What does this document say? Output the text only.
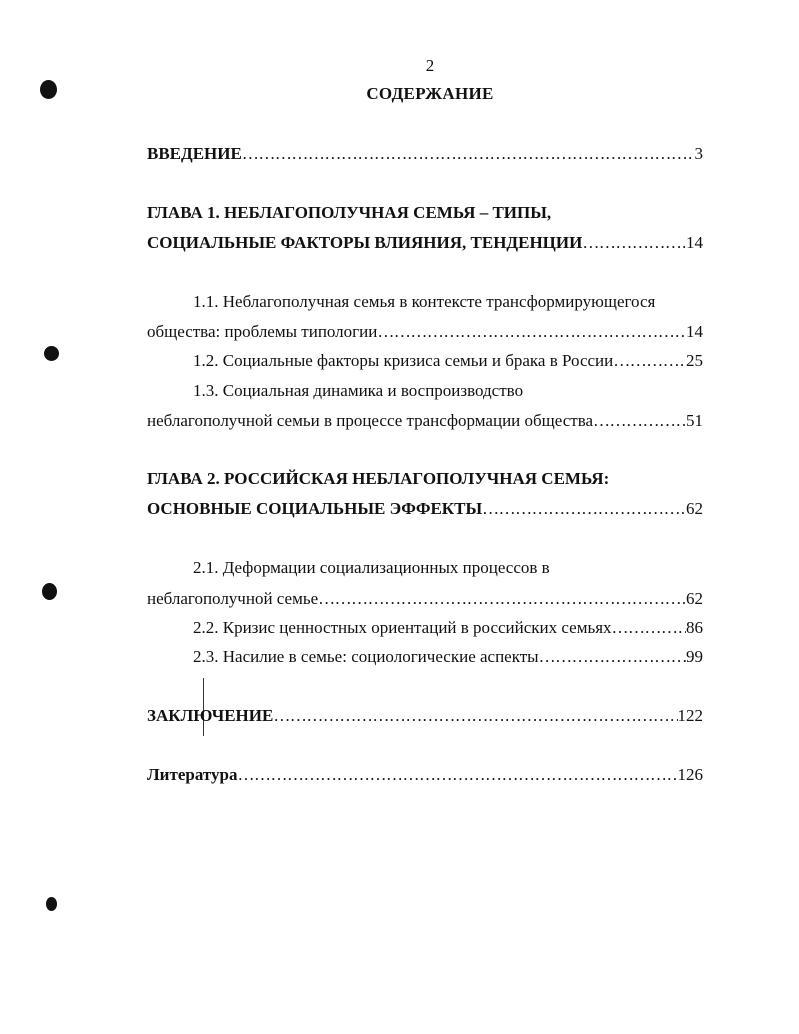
2
СОДЕРЖАНИЕ
ВВЕДЕНИЕ ……………………………………………………………………………………………………………………………………	3
ГЛАВА 1. НЕБЛАГОПОЛУЧНАЯ СЕМЬЯ – ТИПЫ,
СОЦИАЛЬНЫЕ ФАКТОРЫ ВЛИЯНИЯ, ТЕНДЕНЦИИ ……………………………………………………………………………………………………………………………………	14
1.1. Неблагополучная семья в контексте трансформирующегося
общества: проблемы типологии ……………………………………………………………………………………………………………………………………	14
1.2. Социальные факторы кризиса семьи и брака в России ……………………………………………………………………………………………………………………………………	25
1.3. Социальная динамика и воспроизводство
неблагополучной семьи в процессе трансформации общества ……………………………………………………………………………………………………………………………………	51
ГЛАВА 2. РОССИЙСКАЯ НЕБЛАГОПОЛУЧНАЯ СЕМЬЯ:
ОСНОВНЫЕ СОЦИАЛЬНЫЕ ЭФФЕКТЫ ……………………………………………………………………………………………………………………………………	62
2.1. Деформации социализационных процессов в
неблагополучной семье ……………………………………………………………………………………………………………………………………	62
2.2. Кризис ценностных ориентаций в российских семьях ……………………………………………………………………………………………………………………………………	86
2.3. Насилие в семье: социологические аспекты ……………………………………………………………………………………………………………………………………	99
ЗАКЛЮЧЕНИЕ ……………………………………………………………………………………………………………………………………	122
Литература ……………………………………………………………………………………………………………………………………	126
